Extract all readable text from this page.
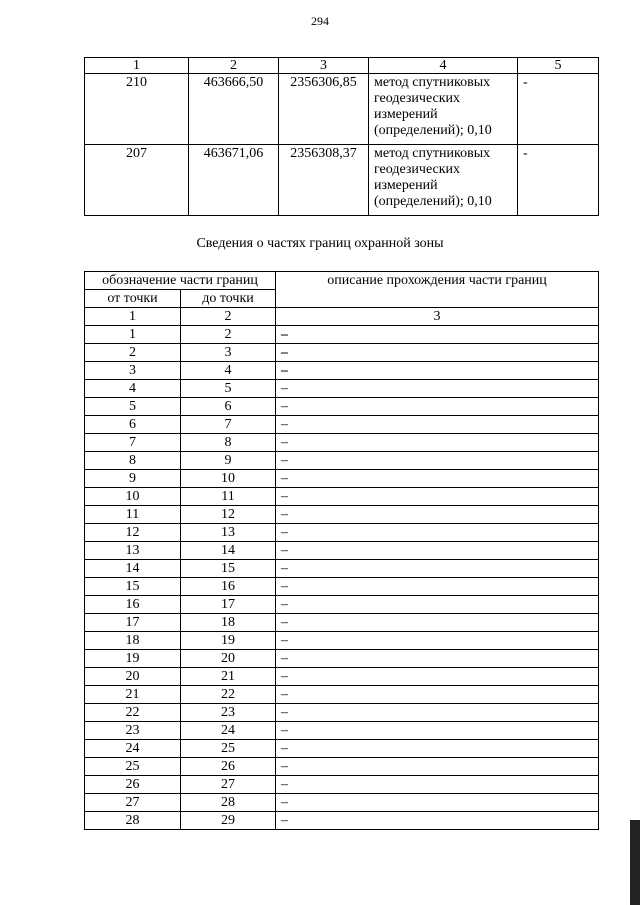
294
1	2	3	4	5
210	463666,50	2356306,85	метод спутниковых геодезических измерений (определений); 0,10	-
207	463671,06	2356308,37	метод спутниковых геодезических измерений (определений); 0,10	-
Сведения о частях границ охранной зоны
обозначение части границ		описание прохождения части границ
от точки	до точки	
1	2	3
1	2	–
2	3	–
3	4	–
4	5	–
5	6	–
6	7	–
7	8	–
8	9	–
9	10	–
10	11	–
11	12	–
12	13	–
13	14	–
14	15	–
15	16	–
16	17	–
17	18	–
18	19	–
19	20	–
20	21	–
21	22	–
22	23	–
23	24	–
24	25	–
25	26	–
26	27	–
27	28	–
28	29	–
